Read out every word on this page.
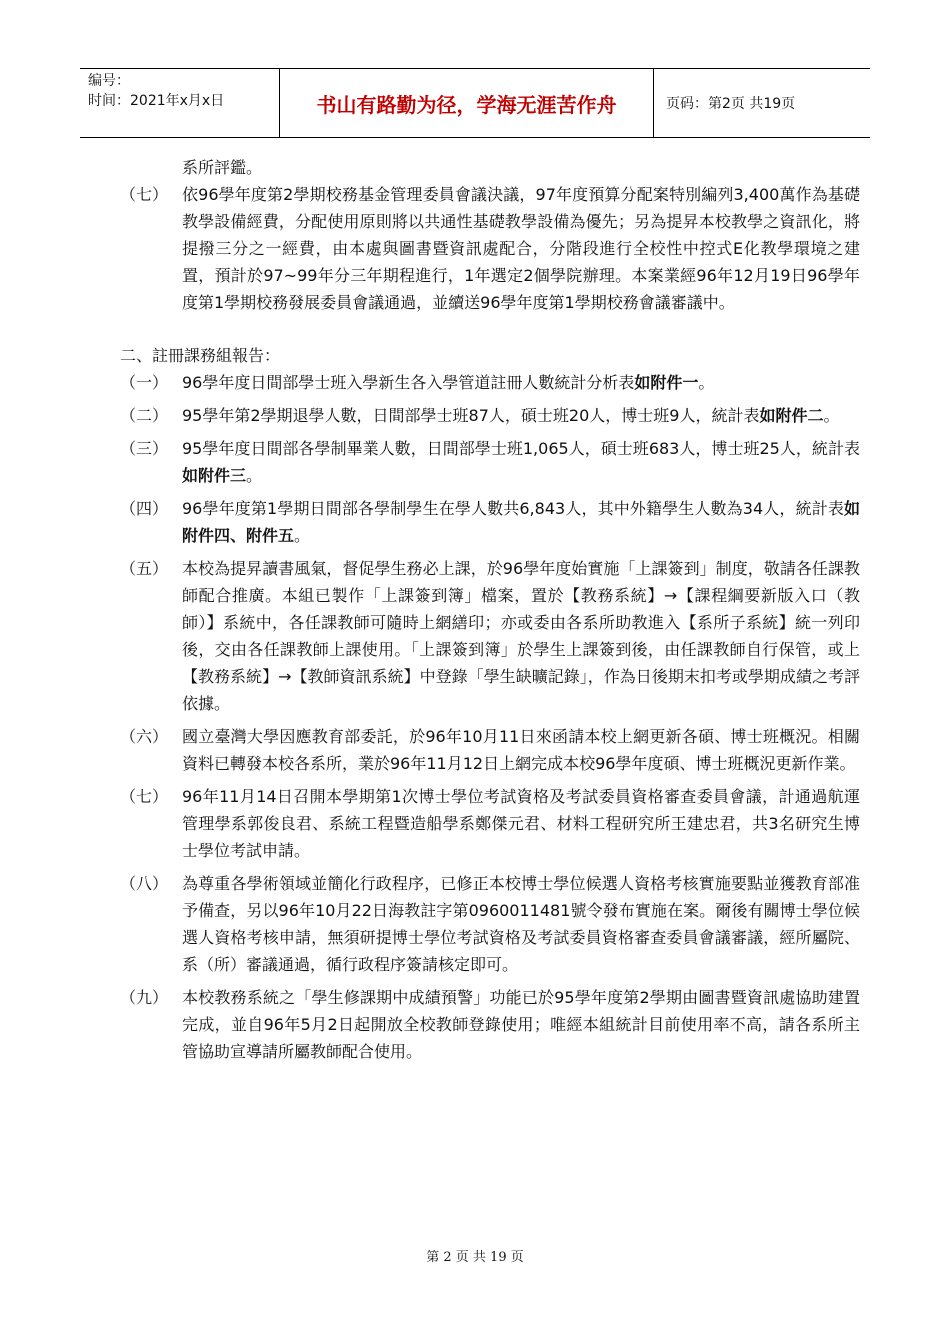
编号：
时间：2021年x月x日	书山有路勤为径，学海无涯苦作舟	页码：第2页 共19页

系所評鑑。

（七） 依96學年度第2學期校務基金管理委員會議決議，97年度預算分配案特別編列3,400萬作為基礎教學設備經費，分配使用原則將以共通性基礎教學設備為優先；另為提昇本校教學之資訊化，將提撥三分之一經費，由本處與圖書暨資訊處配合，分階段進行全校性中控式E化教學環境之建置，預計於97~99年分三年期程進行，1年選定2個學院辦理。本案業經96年12月19日96學年度第1學期校務發展委員會議通過，並續送96學年度第1學期校務會議審議中。

二、註冊課務組報告：

（一） 96學年度日間部學士班入學新生各入學管道註冊人數統計分析表如附件一。
（二） 95學年第2學期退學人數，日間部學士班87人，碩士班20人，博士班9人，統計表如附件二。
（三） 95學年度日間部各學制畢業人數，日間部學士班1,065人，碩士班683人，博士班25人，統計表如附件三。
（四） 96學年度第1學期日間部各學制學生在學人數共6,843人，其中外籍學生人數為34人，統計表如附件四、附件五。
（五） 本校為提昇讀書風氣，督促學生務必上課，於96學年度始實施「上課簽到」制度，敬請各任課教師配合推廣。本組已製作「上課簽到簿」檔案，置於【教務系統】→【課程綱要新版入口（教師）】系統中，各任課教師可隨時上網繕印；亦或委由各系所助教進入【系所子系統】統一列印後，交由各任課教師上課使用。「上課簽到簿」於學生上課簽到後，由任課教師自行保管，或上【教務系統】→【教師資訊系統】中登錄「學生缺曠記錄」，作為日後期末扣考或學期成績之考評依據。
（六） 國立臺灣大學因應教育部委託，於96年10月11日來函請本校上網更新各碩、博士班概況。相關資料已轉發本校各系所，業於96年11月12日上網完成本校96學年度碩、博士班概況更新作業。
（七） 96年11月14日召開本學期第1次博士學位考試資格及考試委員資格審查委員會議，計通過航運管理學系郭俊良君、系統工程暨造船學系鄭傑元君、材料工程研究所王建忠君，共3名研究生博士學位考試申請。
（八） 為尊重各學術領域並簡化行政程序，已修正本校博士學位候選人資格考核實施要點並獲教育部准予備查，另以96年10月22日海教註字第0960011481號令發布實施在案。爾後有關博士學位候選人資格考核申請，無須研提博士學位考試資格及考試委員資格審查委員會議審議，經所屬院、系（所）審議通過，循行政程序簽請核定即可。
（九） 本校教務系統之「學生修課期中成績預警」功能已於95學年度第2學期由圖書暨資訊處協助建置完成，並自96年5月2日起開放全校教師登錄使用；唯經本組統計目前使用率不高，請各系所主管協助宣導請所屬教師配合使用。
第 2 页 共 19 页
